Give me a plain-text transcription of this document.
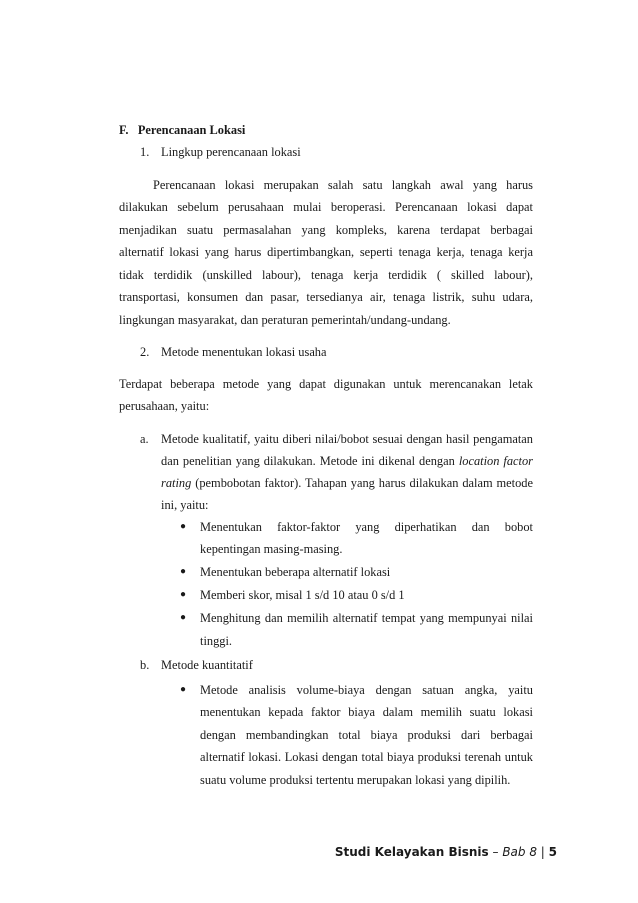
F. Perencanaan Lokasi
1. Lingkup perencanaan lokasi
Perencanaan lokasi merupakan salah satu langkah awal yang harus
dilakukan sebelum perusahaan mulai beroperasi. Perencanaan lokasi dapat
menjadikan suatu permasalahan yang kompleks, karena terdapat berbagai
alternatif lokasi yang harus dipertimbangkan, seperti tenaga kerja, tenaga kerja
tidak terdidik (unskilled labour), tenaga kerja terdidik ( skilled labour),
transportasi, konsumen dan pasar, tersedianya air, tenaga listrik, suhu udara,
lingkungan masyarakat, dan peraturan pemerintah/undang-undang.
2. Metode menentukan lokasi usaha
Terdapat beberapa metode yang dapat digunakan untuk merencanakan letak
perusahaan, yaitu:
a. Metode kualitatif, yaitu diberi nilai/bobot sesuai dengan hasil pengamatan
dan penelitian yang dilakukan. Metode ini dikenal dengan location factor
rating (pembobotan faktor). Tahapan yang harus dilakukan dalam metode
ini, yaitu:
● Menentukan faktor-faktor yang diperhatikan dan bobot
kepentingan masing-masing.
● Menentukan beberapa alternatif lokasi
● Memberi skor, misal 1 s/d 10 atau 0 s/d 1
● Menghitung dan memilih alternatif tempat yang mempunyai nilai
tinggi.
b. Metode kuantitatif
● Metode analisis volume-biaya dengan satuan angka, yaitu
menentukan kepada faktor biaya dalam memilih suatu lokasi
dengan membandingkan total biaya produksi dari berbagai
alternatif lokasi. Lokasi dengan total biaya produksi terenah untuk
suatu volume produksi tertentu merupakan lokasi yang dipilih.
Studi Kelayakan Bisnis – Bab 8 | 5
